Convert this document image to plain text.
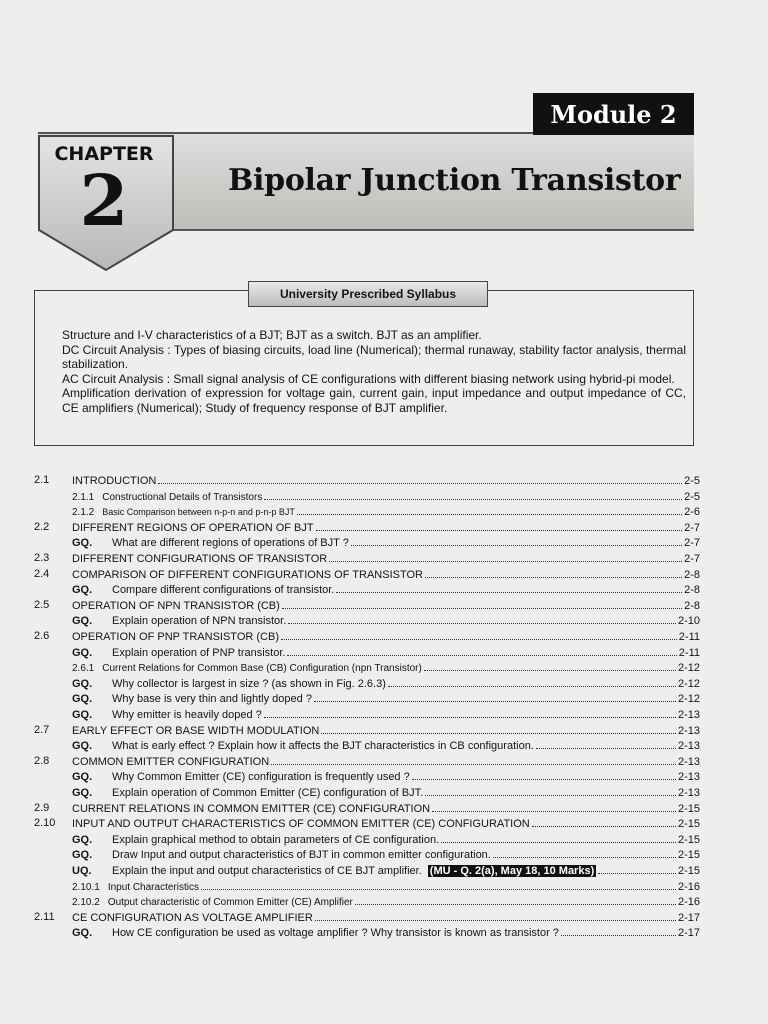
Module 2
CHAPTER
2	Bipolar Junction Transistor
University Prescribed Syllabus

Structure and I-V characteristics of a BJT; BJT as a switch. BJT as an amplifier.

DC Circuit Analysis : Types of biasing circuits, load line (Numerical); thermal runaway, stability factor analysis, thermal stabilization.

AC Circuit Analysis : Small signal analysis of CE configurations with different biasing network using hybrid-pi model.

Amplification derivation of expression for voltage gain, current gain, input impedance and output impedance of CC, CE amplifiers (Numerical); Study of frequency response of BJT amplifier.

2.1	INTRODUCTION	2-5
2.1.1 Constructional Details of Transistors	2-5
2.1.2 Basic Comparison between n-p-n and p-n-p BJT	2-6
2.2	DIFFERENT REGIONS OF OPERATION OF BJT	2-7
GQ.	What are different regions of operations of BJT ?	2-7
2.3	DIFFERENT CONFIGURATIONS OF TRANSISTOR	2-7
2.4	COMPARISON OF DIFFERENT CONFIGURATIONS OF TRANSISTOR	2-8
GQ.	Compare different configurations of transistor.	2-8
2.5	OPERATION OF NPN TRANSISTOR (CB)	2-8
GQ.	Explain operation of NPN transistor.	2-10
2.6	OPERATION OF PNP TRANSISTOR (CB)	2-11
GQ.	Explain operation of PNP transistor.	2-11
2.6.1 Current Relations for Common Base (CB) Configuration (npn Transistor)	2-12
GQ.	Why collector is largest in size ? (as shown in Fig. 2.6.3)	2-12
GQ.	Why base is very thin and lightly doped ?	2-12
GQ.	Why emitter is heavily doped ?	2-13
2.7	EARLY EFFECT OR BASE WIDTH MODULATION	2-13
GQ.	What is early effect ? Explain how it affects the BJT characteristics in CB configuration.	2-13
2.8	COMMON EMITTER CONFIGURATION	2-13
GQ.	Why Common Emitter (CE) configuration is frequently used ?	2-13
GQ.	Explain operation of Common Emitter (CE) configuration of BJT.	2-13
2.9	CURRENT RELATIONS IN COMMON EMITTER (CE) CONFIGURATION	2-15
2.10	INPUT AND OUTPUT CHARACTERISTICS OF COMMON EMITTER (CE) CONFIGURATION	2-15
GQ.	Explain graphical method to obtain parameters of CE configuration.	2-15
GQ.	Draw Input and output characteristics of BJT in common emitter configuration.	2-15
UQ.	Explain the input and output characteristics of CE BJT amplifier. (MU - Q. 2(a), May 18, 10 Marks)	2-15
2.10.1 Input Characteristics	2-16
2.10.2 Output characteristic of Common Emitter (CE) Amplifier	2-16
2.11	CE CONFIGURATION AS VOLTAGE AMPLIFIER	2-17
GQ.	How CE configuration be used as voltage amplifier ? Why transistor is known as transistor ?	2-17
